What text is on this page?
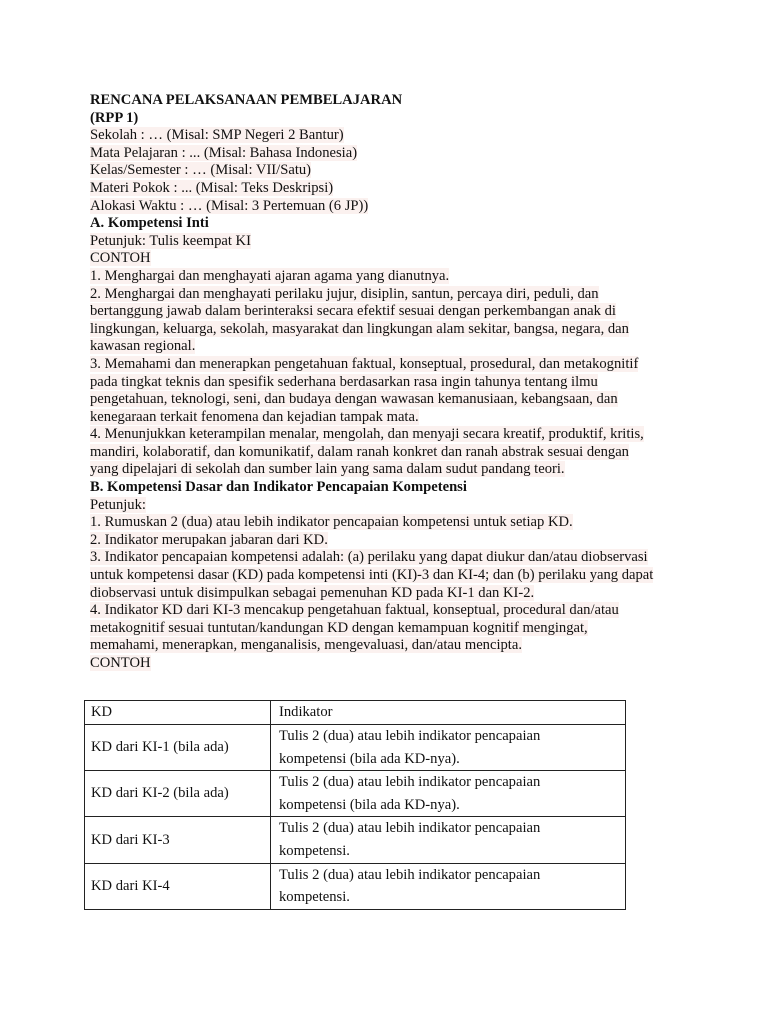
RENCANA PELAKSANAAN PEMBELAJARAN

(RPP 1)

Sekolah : … (Misal: SMP Negeri 2 Bantur)

Mata Pelajaran : ... (Misal: Bahasa Indonesia)

Kelas/Semester : … (Misal: VII/Satu)

Materi Pokok : ... (Misal: Teks Deskripsi)

Alokasi Waktu : … (Misal: 3 Pertemuan (6 JP))

A. Kompetensi Inti

Petunjuk: Tulis keempat KI

CONTOH

1. Menghargai dan menghayati ajaran agama yang dianutnya.

2. Menghargai dan menghayati perilaku jujur, disiplin, santun, percaya diri, peduli, dan

bertanggung jawab dalam berinteraksi secara efektif sesuai dengan perkembangan anak di

lingkungan, keluarga, sekolah, masyarakat dan lingkungan alam sekitar, bangsa, negara, dan

kawasan regional.

3. Memahami dan menerapkan pengetahuan faktual, konseptual, prosedural, dan metakognitif

pada tingkat teknis dan spesifik sederhana berdasarkan rasa ingin tahunya tentang ilmu

pengetahuan, teknologi, seni, dan budaya dengan wawasan kemanusiaan, kebangsaan, dan

kenegaraan terkait fenomena dan kejadian tampak mata.

4. Menunjukkan keterampilan menalar, mengolah, dan menyaji secara kreatif, produktif, kritis,

mandiri, kolaboratif, dan komunikatif, dalam ranah konkret dan ranah abstrak sesuai dengan

yang dipelajari di sekolah dan sumber lain yang sama dalam sudut pandang teori.

B. Kompetensi Dasar dan Indikator Pencapaian Kompetensi

Petunjuk:

1. Rumuskan 2 (dua) atau lebih indikator pencapaian kompetensi untuk setiap KD.

2. Indikator merupakan jabaran dari KD.

3. Indikator pencapaian kompetensi adalah: (a) perilaku yang dapat diukur dan/atau diobservasi

untuk kompetensi dasar (KD) pada kompetensi inti (KI)-3 dan KI-4; dan (b) perilaku yang dapat

diobservasi untuk disimpulkan sebagai pemenuhan KD pada KI-1 dan KI-2.

4. Indikator KD dari KI-3 mencakup pengetahuan faktual, konseptual, procedural dan/atau

metakognitif sesuai tuntutan/kandungan KD dengan kemampuan kognitif mengingat,

memahami, menerapkan, menganalisis, mengevaluasi, dan/atau mencipta.

CONTOH

KD	Indikator
KD dari KI-1 (bila ada)	Tulis 2 (dua) atau lebih indikator pencapaian
kompetensi (bila ada KD-nya).

KD dari KI-2 (bila ada)	Tulis 2 (dua) atau lebih indikator pencapaian
kompetensi (bila ada KD-nya).

KD dari KI-3	Tulis 2 (dua) atau lebih indikator pencapaian
kompetensi.

KD dari KI-4	Tulis 2 (dua) atau lebih indikator pencapaian
kompetensi.
